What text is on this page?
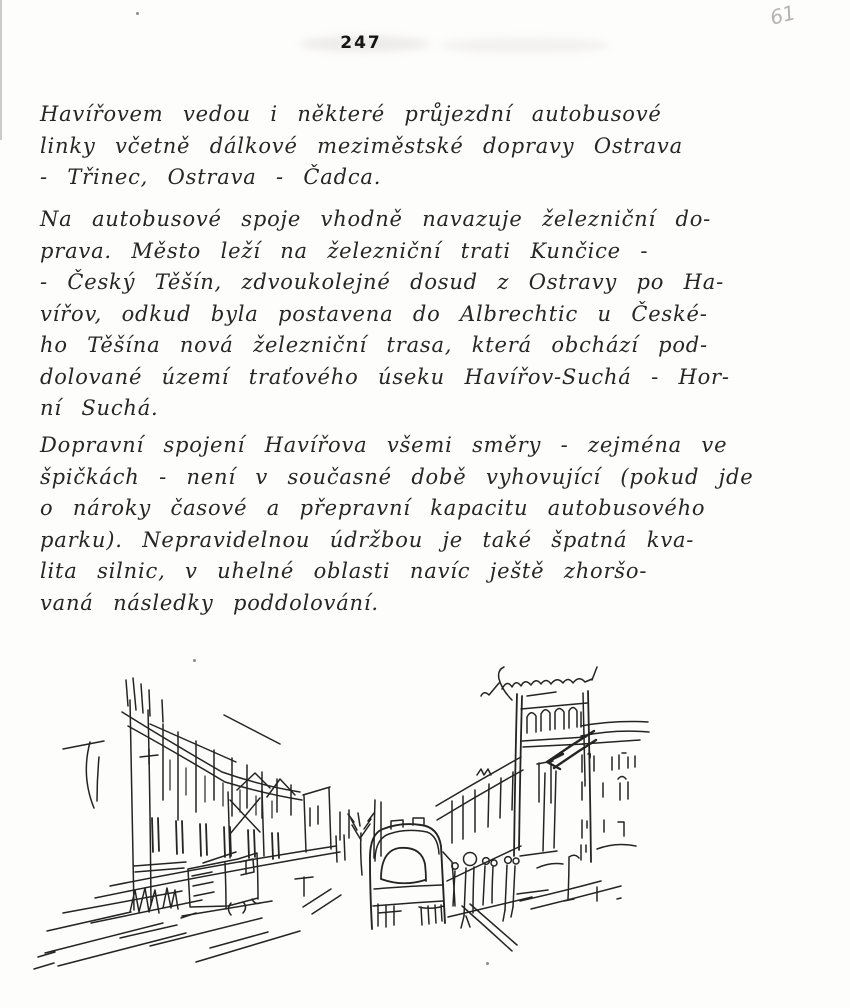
247
61
Havířovem vedou i některé průjezdní autobusové
linky včetně dálkové meziměstské dopravy Ostrava
- Třinec, Ostrava - Čadca.
Na autobusové spoje vhodně navazuje železniční do-
prava. Město leží na železniční trati Kunčice -
- Český Těšín, zdvoukolejné dosud z Ostravy po Ha-
vířov, odkud byla postavena do Albrechtic u České-
ho Těšína nová železniční trasa, která obchází pod-
dolované území traťového úseku Havířov-Suchá - Hor-
ní Suchá.
Dopravní spojení Havířova všemi směry - zejména ve
špičkách - není v současné době vyhovující (pokud jde
o nároky časové a přepravní kapacitu autobusového
parku). Nepravidelnou údržbou je také špatná kva-
lita silnic, v uhelné oblasti navíc ještě zhoršo-
vaná následky poddolování.
